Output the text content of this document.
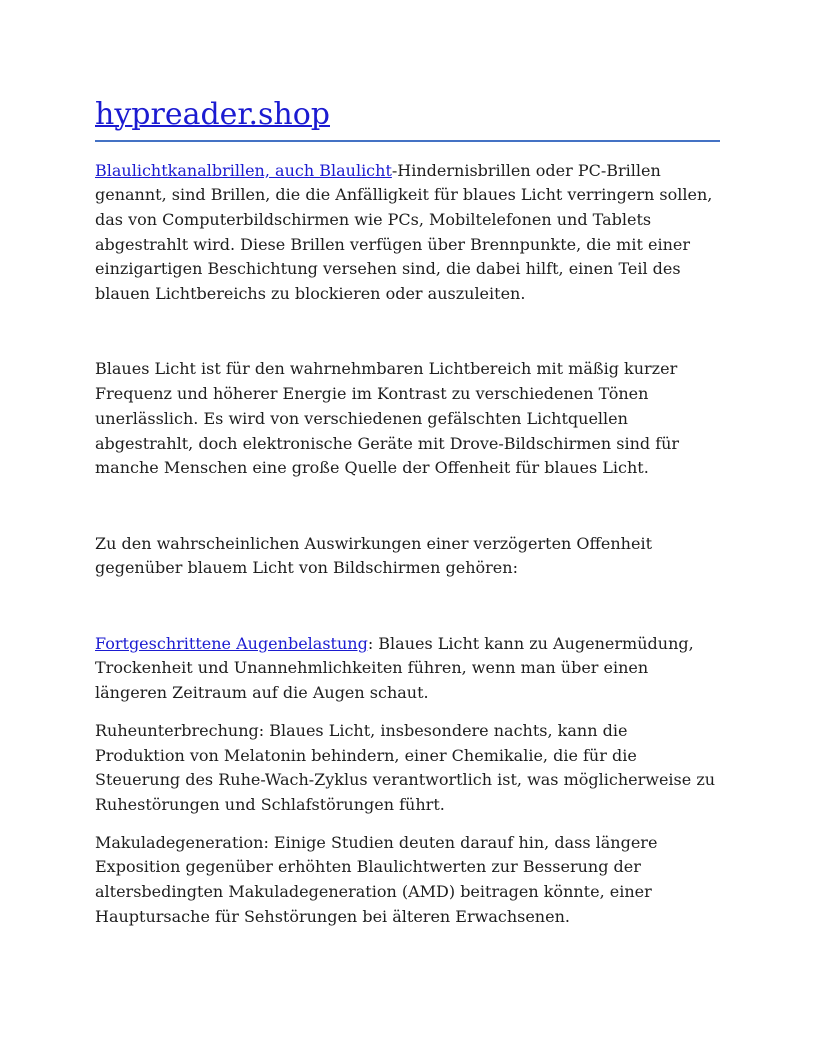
hypreader.shop

Blaulichtkanalbrillen, auch Blaulicht-Hindernisbrillen oder PC-Brillen genannt, sind Brillen, die die Anfälligkeit für blaues Licht verringern sollen, das von Computerbildschirmen wie PCs, Mobiltelefonen und Tablets abgestrahlt wird. Diese Brillen verfügen über Brennpunkte, die mit einer einzigartigen Beschichtung versehen sind, die dabei hilft, einen Teil des blauen Lichtbereichs zu blockieren oder auszuleiten.

Blaues Licht ist für den wahrnehmbaren Lichtbereich mit mäßig kurzer Frequenz und höherer Energie im Kontrast zu verschiedenen Tönen unerlässlich. Es wird von verschiedenen gefälschten Lichtquellen abgestrahlt, doch elektronische Geräte mit Drove-Bildschirmen sind für manche Menschen eine große Quelle der Offenheit für blaues Licht.

Zu den wahrscheinlichen Auswirkungen einer verzögerten Offenheit gegenüber blauem Licht von Bildschirmen gehören:

Fortgeschrittene Augenbelastung: Blaues Licht kann zu Augenermüdung, Trockenheit und Unannehmlichkeiten führen, wenn man über einen längeren Zeitraum auf die Augen schaut.

Ruheunterbrechung: Blaues Licht, insbesondere nachts, kann die Produktion von Melatonin behindern, einer Chemikalie, die für die Steuerung des Ruhe-Wach-Zyklus verantwortlich ist, was möglicherweise zu Ruhestörungen und Schlafstörungen führt.

Makuladegeneration: Einige Studien deuten darauf hin, dass längere Exposition gegenüber erhöhten Blaulichtwerten zur Besserung der altersbedingten Makuladegeneration (AMD) beitragen könnte, einer Hauptursache für Sehstörungen bei älteren Erwachsenen.
